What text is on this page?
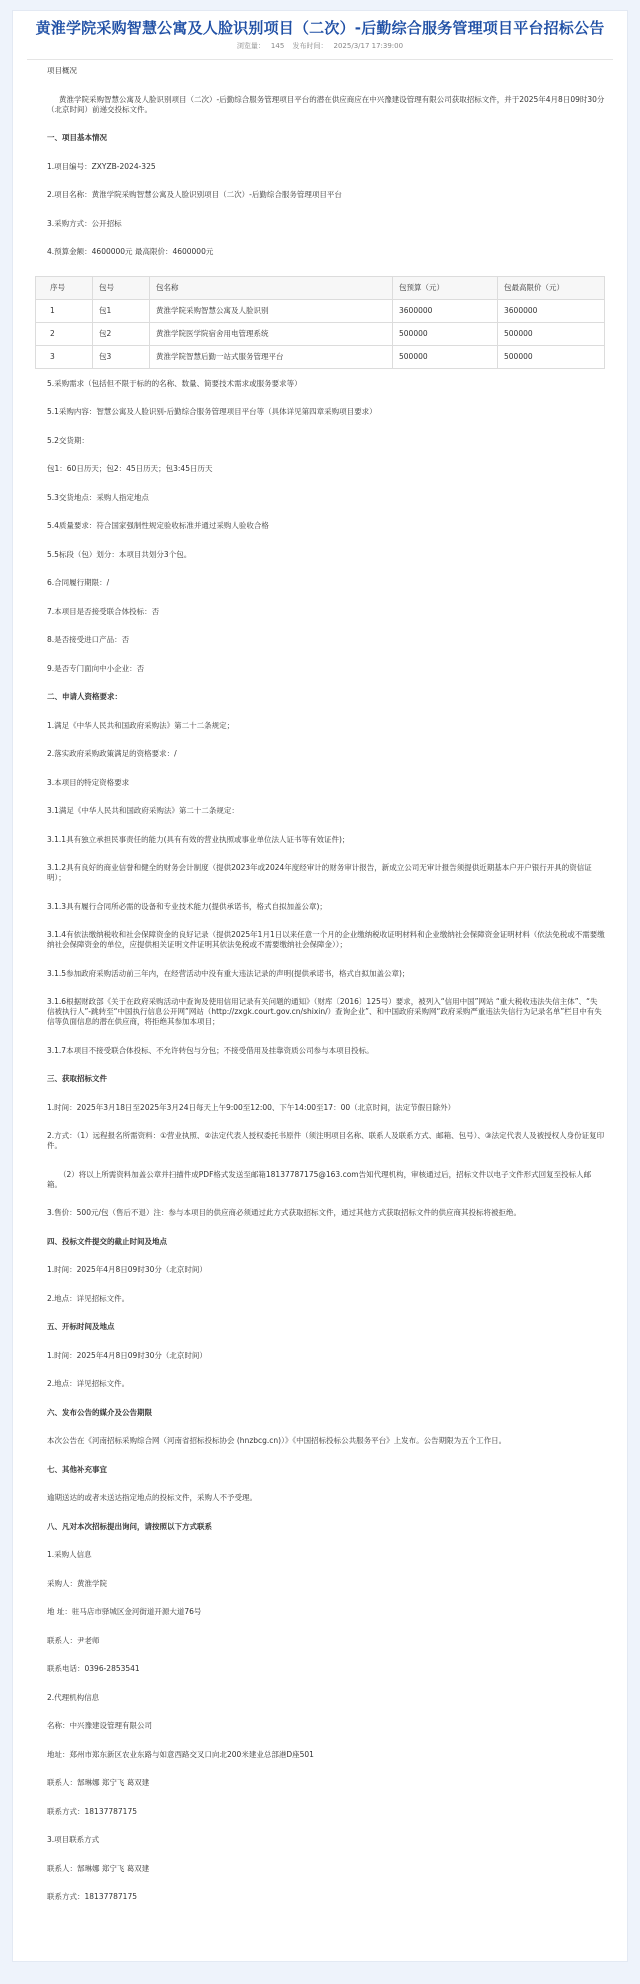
黄淮学院采购智慧公寓及人脸识别项目（二次）-后勤综合服务管理项目平台招标公告
浏览量： 145 发布时间： 2025/3/17 17:39:00
项目概况
黄淮学院采购智慧公寓及人脸识别项目（二次）-后勤综合服务管理项目平台的潜在供应商应在中兴豫建设管理有限公司获取招标文件，并于2025年4月8日09时30分（北京时间）前递交投标文件。
一、项目基本情况
1.项目编号：ZXYZB-2024-325
2.项目名称：黄淮学院采购智慧公寓及人脸识别项目（二次）-后勤综合服务管理项目平台
3.采购方式：公开招标
4.预算金额：4600000元 最高限价：4600000元
序号	包号	包名称	包预算（元）	包最高限价（元）
1	包1	黄淮学院采购智慧公寓及人脸识别	3600000	3600000
2	包2	黄淮学院医学院宿舍用电管理系统	500000	500000
3	包3	黄淮学院智慧后勤一站式服务管理平台	500000	500000
5.采购需求（包括但不限于标的的名称、数量、简要技术需求或服务要求等）
5.1采购内容：智慧公寓及人脸识别-后勤综合服务管理项目平台等（具体详见第四章采购项目要求）
5.2交货期：
包1：60日历天；包2：45日历天；包3:45日历天
5.3交货地点：采购人指定地点
5.4质量要求：符合国家强制性规定验收标准并通过采购人验收合格
5.5标段（包）划分：本项目共划分3个包。
6.合同履行期限：/
7.本项目是否接受联合体投标：否
8.是否接受进口产品：否
9.是否专门面向中小企业：否
二、申请人资格要求：
1.满足《中华人民共和国政府采购法》第二十二条规定；
2.落实政府采购政策满足的资格要求：/
3.本项目的特定资格要求
3.1满足《中华人民共和国政府采购法》第二十二条规定：
3.1.1具有独立承担民事责任的能力(具有有效的营业执照或事业单位法人证书等有效证件)；
3.1.2具有良好的商业信誉和健全的财务会计制度（提供2023年或2024年度经审计的财务审计报告，新成立公司无审计报告须提供近期基本户开户银行开具的资信证明）；
3.1.3具有履行合同所必需的设备和专业技术能力(提供承诺书，格式自拟加盖公章)；
3.1.4有依法缴纳税收和社会保障资金的良好记录（提供2025年1月1日以来任意一个月的企业缴纳税收证明材料和企业缴纳社会保障资金证明材料（依法免税或不需要缴纳社会保障资金的单位，应提供相关证明文件证明其依法免税或不需要缴纳社会保障金））；
3.1.5参加政府采购活动前三年内，在经营活动中没有重大违法记录的声明(提供承诺书，格式自拟加盖公章)；
3.1.6根据财政部《关于在政府采购活动中查询及使用信用记录有关问题的通知》（财库〔2016〕125号）要求，被列入“信用中国”网站 “重大税收违法失信主体”、“失信被执行人”-跳转至“中国执行信息公开网”网站（http://zxgk.court.gov.cn/shixin/）查询企业”、和中国政府采购网“政府采购严重违法失信行为记录名单”栏目中有失信等负面信息的潜在供应商，将拒绝其参加本项目；
3.1.7本项目不接受联合体投标、不允许转包与分包；不接受借用及挂靠资质公司参与本项目投标。
三、获取招标文件
1.时间：2025年3月18日至2025年3月24日每天上午9:00至12:00、下午14:00至17：00（北京时间，法定节假日除外）
2.方式：（1）远程报名所需资料：①营业执照、②法定代表人授权委托书原件（须注明项目名称、联系人及联系方式、邮箱、包号）、③法定代表人及被授权人身份证复印件。
（2）将以上所需资料加盖公章并扫描件成PDF格式发送至邮箱18137787175@163.com告知代理机构，审核通过后，招标文件以电子文件形式回复至投标人邮箱。
3.售价：500元/包（售后不退）注：参与本项目的供应商必须通过此方式获取招标文件，通过其他方式获取招标文件的供应商其投标将被拒绝。
四、投标文件提交的截止时间及地点
1.时间：2025年4月8日09时30分（北京时间）
2.地点：详见招标文件。
五、开标时间及地点
1.时间：2025年4月8日09时30分（北京时间）
2.地点：详见招标文件。
六、发布公告的媒介及公告期限
本次公告在《河南招标采购综合网（河南省招标投标协会 (hnzbcg.cn)）》《中国招标投标公共服务平台》上发布。公告期限为五个工作日。
七、其他补充事宜
逾期送达的或者未送达指定地点的投标文件，采购人不予受理。
八、凡对本次招标提出询问，请按照以下方式联系
1.采购人信息
采购人：黄淮学院
地 址：驻马店市驿城区金河街道开源大道76号
联系人：尹老师
联系电话：0396-2853541
2.代理机构信息
名称：中兴豫建设管理有限公司
地址：郑州市郑东新区农业东路与如意西路交叉口向北200米建业总部港D座501
联系人：郜琳娜 郑宁飞 葛双建
联系方式：18137787175
3.项目联系方式
联系人：郜琳娜 郑宁飞 葛双建
联系方式：18137787175
